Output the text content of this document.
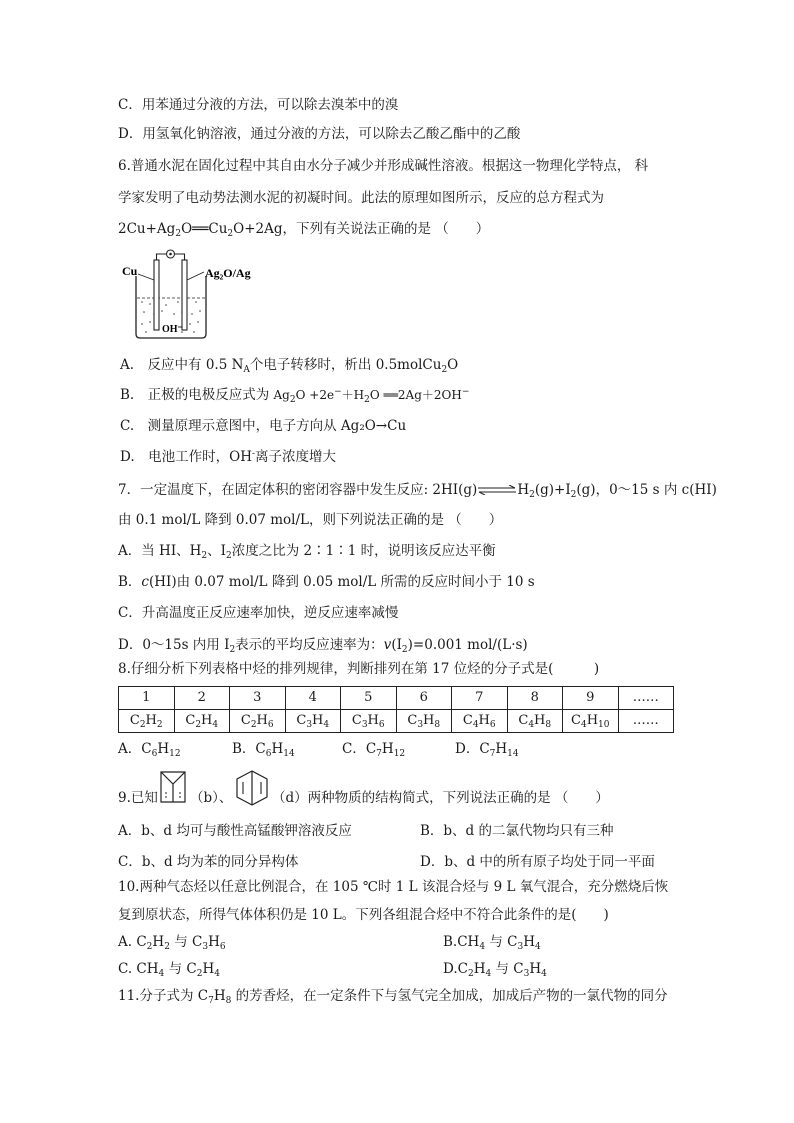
C．用苯通过分液的方法，可以除去溴苯中的溴
D．用氢氧化钠溶液，通过分液的方法，可以除去乙酸乙酯中的乙酸
6.普通水泥在固化过程中其自由水分子减少并形成碱性溶液。根据这一物理化学特点， 科
学家发明了电动势法测水泥的初凝时间。此法的原理如图所示，反应的总方程式为
$2Cu+Ag_2O══Cu_2O+2Ag$，下列有关说法正确的是 （　　）
Cu	Ag₂O/Ag
OH⁻
A.　反应中有 0.5 $N_A$个电子转移时，析出 0.5molCu$_2$O
B.　正极的电极反应式为 $Ag_2O +2e^-+H_2O$ ══2Ag＋2OH−
C.　测量原理示意图中，电子方向从 Ag₂O→Cu
D.　电池工作时，OH-离子浓度增大
7．一定温度下，在固定体积的密闭容器中发生反应: $2HI(g)\rightleftharpoons H_2(g)+I_2(g)$，0～15 s 内 c(HI)
由 0.1 mol/L 降到 0.07 mol/L，则下列说法正确的是 （　　）
A．当 HI、$H_2$、$I_2$浓度之比为 2∶1∶1 时，说明该反应达平衡
B．c(HI)由 0.07 mol/L 降到 0.05 mol/L 所需的反应时间小于 10 s
C．升高温度正反应速率加快，逆反应速率减慢
D．0～15s 内用 $I_2$表示的平均反应速率为：$v(I_2)=0.001$ mol/(L·s)
8.仔细分析下列表格中烃的排列规律，判断排列在第 17 位烃的分子式是(　　　)
1	2	3	4	5	6	7	8	9	……
$C_2H_2$	$C_2H_4$	$C_2H_6$	$C_3H_4$	$C_3H_6$	$C_3H_8$	$C_4H_6$	$C_4H_8$	$C_4H_{10}$	……
A．$C_6H_{12}$	B．$C_6H_{14}$	C．$C_7H_{12}$	D．$C_7H_{14}$
9.已知 （b）、	（d）两种物质的结构简式，下列说法正确的是 （　　）
A．b、d 均可与酸性高锰酸钾溶液反应	B．b、d 的二氯代物均只有三种
C．b、d 均为苯的同分异构体	D．b、d 中的所有原子均处于同一平面
10.两种气态烃以任意比例混合，在 105 ℃时 1 L 该混合烃与 9 L 氧气混合，充分燃烧后恢
复到原状态，所得气体体积仍是 10 L。下列各组混合烃中不符合此条件的是(　　)
A. $C_2H_2$ 与 $C_3H_6$	$B.CH_4$ 与 $C_3H_4$
C. $CH_4$ 与 $C_2H_4$	$D.C_2H_4$ 与 $C_3H_4$
11.分子式为 $C_7H_8$ 的芳香烃，在一定条件下与氢气完全加成，加成后产物的一氯代物的同分
